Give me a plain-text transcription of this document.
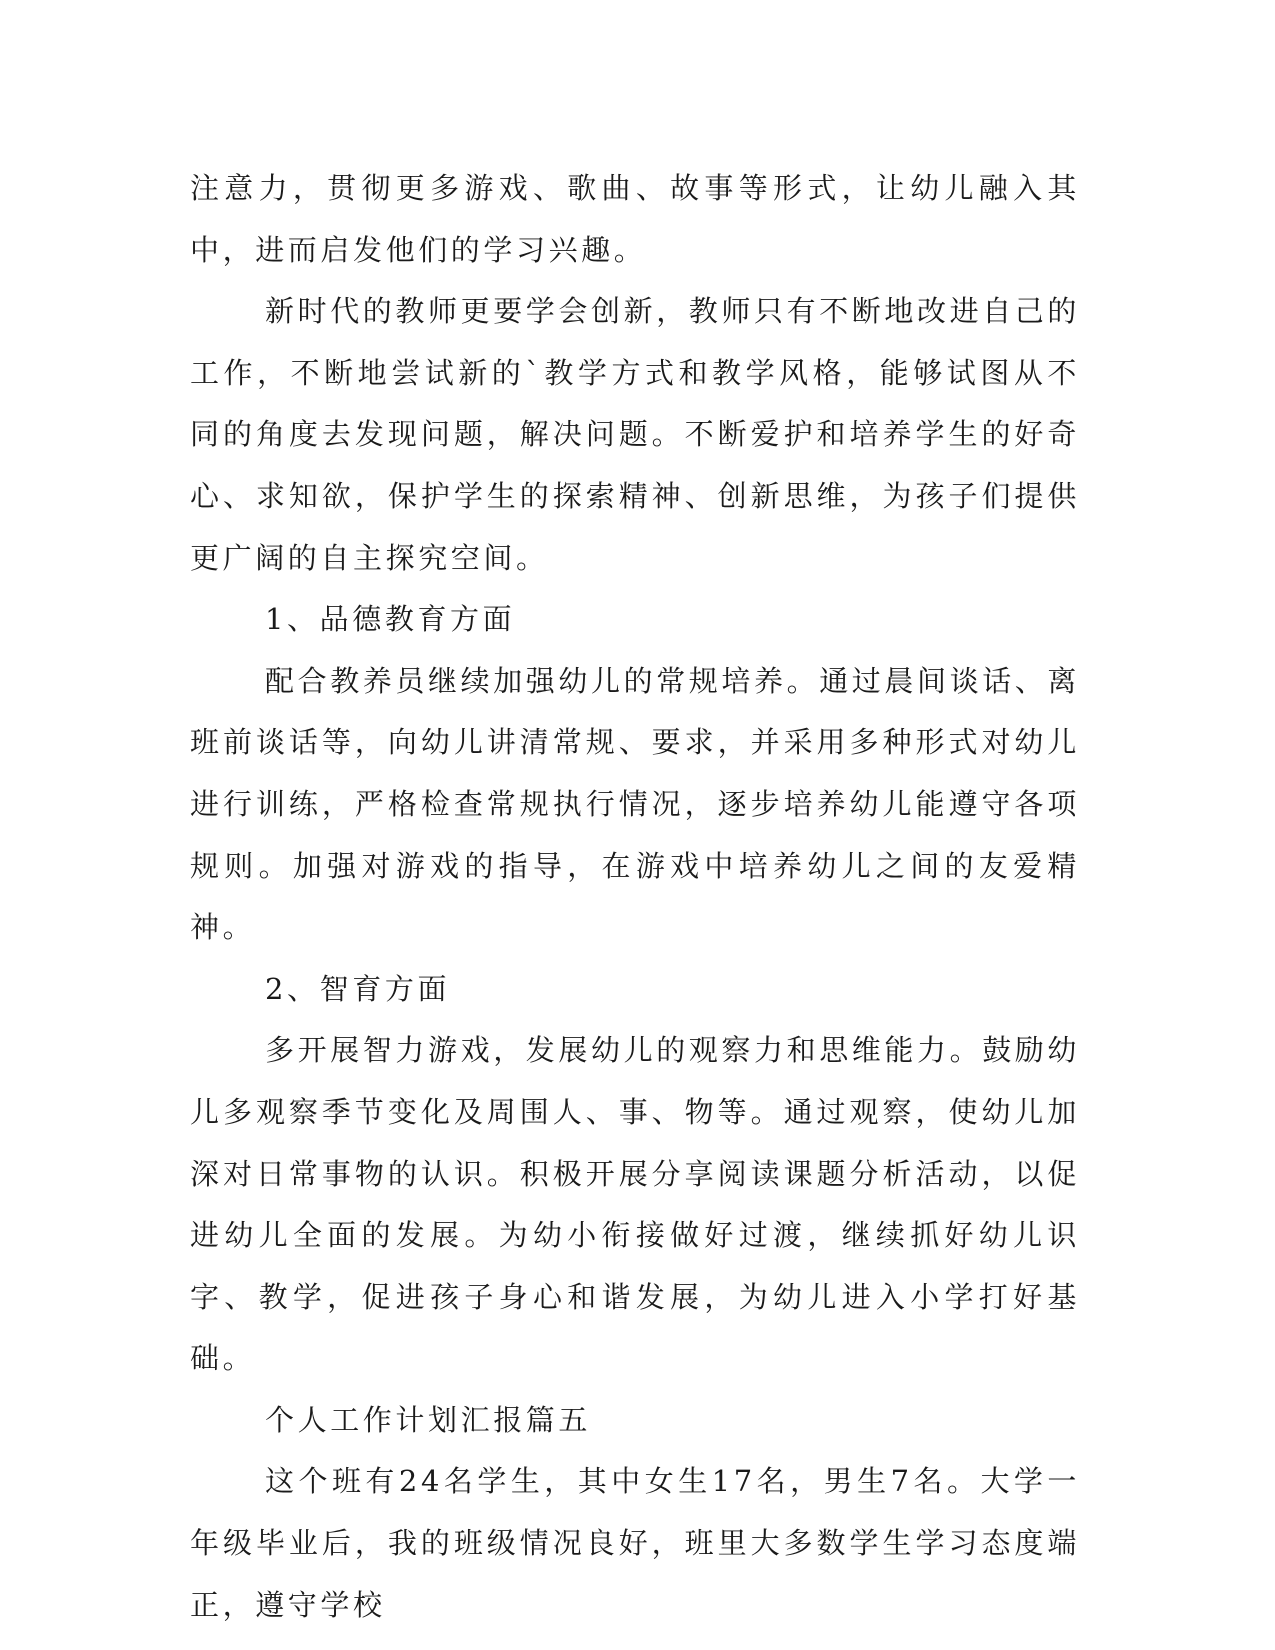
注意力，贯彻更多游戏、歌曲、故事等形式，让幼儿融入其中，进而启发他们的学习兴趣。

新时代的教师更要学会创新，教师只有不断地改进自己的工作，不断地尝试新的`教学方式和教学风格，能够试图从不同的角度去发现问题，解决问题。不断爱护和培养学生的好奇心、求知欲，保护学生的探索精神、创新思维，为孩子们提供更广阔的自主探究空间。

1、品德教育方面

配合教养员继续加强幼儿的常规培养。通过晨间谈话、离班前谈话等，向幼儿讲清常规、要求，并采用多种形式对幼儿进行训练，严格检查常规执行情况，逐步培养幼儿能遵守各项规则。加强对游戏的指导，在游戏中培养幼儿之间的友爱精神。

2、智育方面

多开展智力游戏，发展幼儿的观察力和思维能力。鼓励幼儿多观察季节变化及周围人、事、物等。通过观察，使幼儿加深对日常事物的认识。积极开展分享阅读课题分析活动，以促进幼儿全面的发展。为幼小衔接做好过渡，继续抓好幼儿识字、教学，促进孩子身心和谐发展，为幼儿进入小学打好基础。

个人工作计划汇报篇五

这个班有24名学生，其中女生17名，男生7名。大学一年级毕业后，我的班级情况良好，班里大多数学生学习态度端正，遵守学校
